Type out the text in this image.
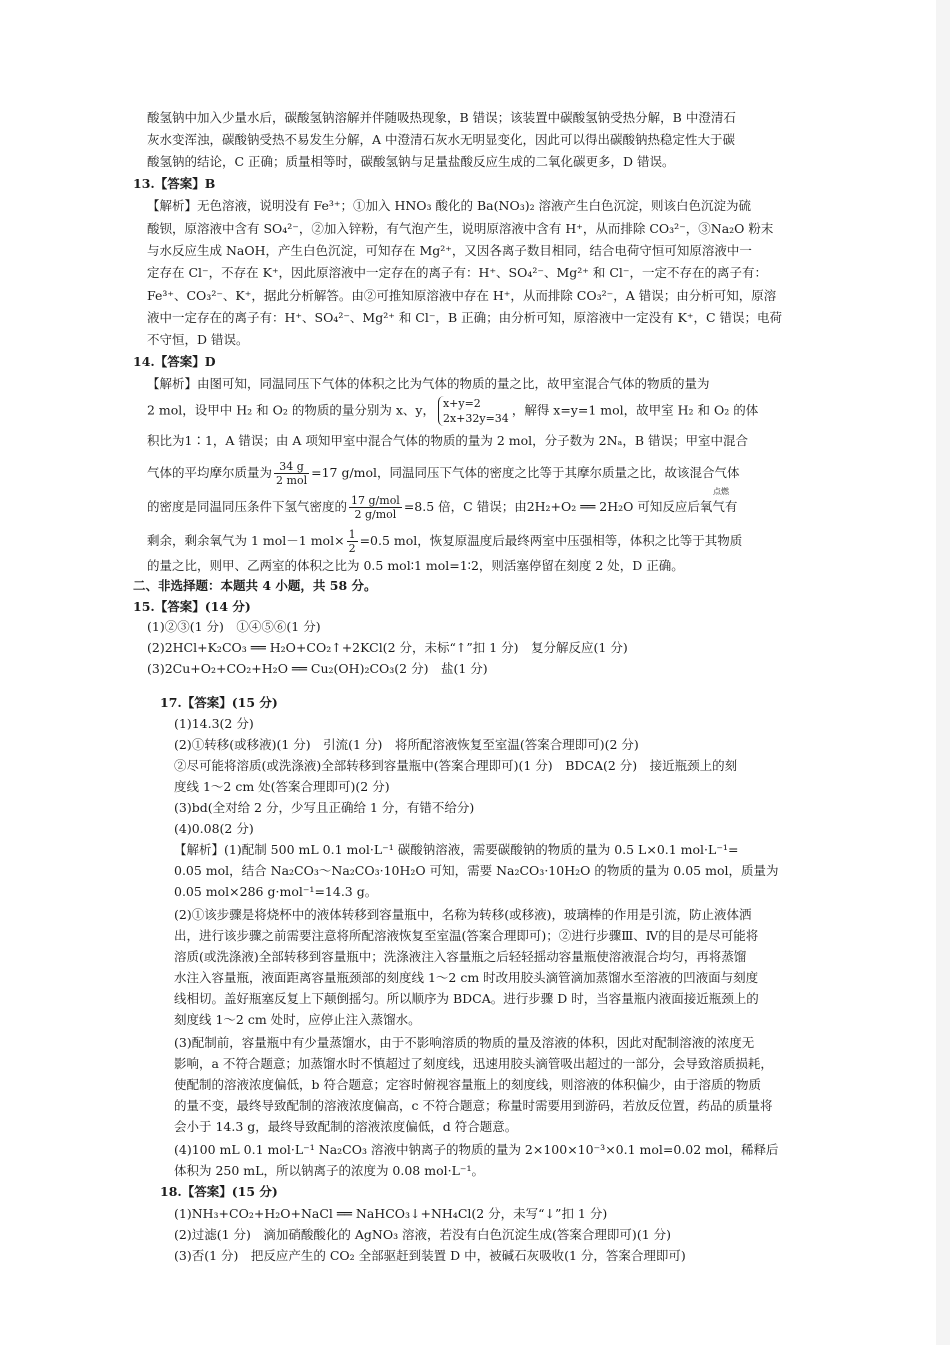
酸氢钠中加入少量水后，碳酸氢钠溶解并伴随吸热现象，B 错误；该装置中碳酸氢钠受热分解，B 中澄清石
灰水变浑浊，碳酸钠受热不易发生分解，A 中澄清石灰水无明显变化，因此可以得出碳酸钠热稳定性大于碳
酸氢钠的结论，C 正确；质量相等时，碳酸氢钠与足量盐酸反应生成的二氧化碳更多，D 错误。
13.【答案】B
【解析】无色溶液，说明没有 Fe³⁺；①加入 HNO₃ 酸化的 Ba(NO₃)₂ 溶液产生白色沉淀，则该白色沉淀为硫
酸钡，原溶液中含有 SO₄²⁻，②加入锌粉，有气泡产生，说明原溶液中含有 H⁺，从而排除 CO₃²⁻，③Na₂O 粉末
与水反应生成 NaOH，产生白色沉淀，可知存在 Mg²⁺，又因各离子数目相同，结合电荷守恒可知原溶液中一
定存在 Cl⁻，不存在 K⁺，因此原溶液中一定存在的离子有：H⁺、SO₄²⁻、Mg²⁺ 和 Cl⁻，一定不存在的离子有：
Fe³⁺、CO₃²⁻、K⁺，据此分析解答。由②可推知原溶液中存在 H⁺，从而排除 CO₃²⁻，A 错误；由分析可知，原溶
液中一定存在的离子有：H⁺、SO₄²⁻、Mg²⁺ 和 Cl⁻，B 正确；由分析可知，原溶液中一定没有 K⁺，C 错误；电荷
不守恒，D 错误。
14.【答案】D
【解析】由图可知，同温同压下气体的体积之比为气体的物质的量之比，故甲室混合气体的物质的量为
2 mol，设甲中 H₂ 和 O₂ 的物质的量分别为 x、y， x+y=2
2x+32y=34
，解得 x=y=1 mol，故甲室 H₂ 和 O₂ 的体
积比为1∶1，A 错误；由 A 项知甲室中混合气体的物质的量为 2 mol，分子数为 2Nₐ，B 错误；甲室中混合
气体的平均摩尔质量为 $\frac{34 g}{\text{2 mol}} =17$ g/mol，同温同压下气体的密度之比等于其摩尔质量之比，故该混合气体
的密度是同温同压条件下氢气密度的 $\frac{\text{17 g/mol}}{\text{2 g/mol}} =8.5$ 倍，C 错误；由2H₂+O₂ ══ 2H₂O 可知反应后氧气有
点燃
剩余，剩余氧气为 1 mol－1 $mol\times \frac{1}{2} =0.5$ mol，恢复原温度后最终两室中压强相等，体积之比等于其物质
的量之比，则甲、乙两室的体积之比为 0.5 mol∶1 mol=1∶2，则活塞停留在刻度 2 处，D 正确。
二、非选择题：本题共 4 小题，共 58 分。
15.【答案】(14 分)
(1)②③(1 分)　①④⑤⑥(1 分)
(2)2HCl+K₂CO₃ ══ H₂O+CO₂↑+2KCl(2 分，未标“↑”扣 1 分)　复分解反应(1 分)
(3)2Cu+O₂+CO₂+H₂O ══ Cu₂(OH)₂CO₃(2 分)　盐(1 分)
17.【答案】(15 分)
(1)14.3(2 分)
(2)①转移(或移液)(1 分)　引流(1 分)　将所配溶液恢复至室温(答案合理即可)(2 分)
②尽可能将溶质(或洗涤液)全部转移到容量瓶中(答案合理即可)(1 分)　BDCA(2 分)　接近瓶颈上的刻
度线 1～2 cm 处(答案合理即可)(2 分)
(3)bd(全对给 2 分，少写且正确给 1 分，有错不给分)
(4)0.08(2 分)
【解析】(1)配制 500 mL 0.1 mol·L⁻¹ 碳酸钠溶液，需要碳酸钠的物质的量为 0.5 L×0.1 mol·L⁻¹=
0.05 mol，结合 Na₂CO₃～Na₂CO₃·10H₂O 可知，需要 Na₂CO₃·10H₂O 的物质的量为 0.05 mol，质量为
0.05 mol×286 g·mol⁻¹=14.3 g。
(2)①该步骤是将烧杯中的液体转移到容量瓶中，名称为转移(或移液)，玻璃棒的作用是引流，防止液体洒
出，进行该步骤之前需要注意将所配溶液恢复至室温(答案合理即可)；②进行步骤Ⅲ、Ⅳ的目的是尽可能将
溶质(或洗涤液)全部转移到容量瓶中；洗涤液注入容量瓶之后轻轻摇动容量瓶使溶液混合均匀，再将蒸馏
水注入容量瓶，液面距离容量瓶颈部的刻度线 1～2 cm 时改用胶头滴管滴加蒸馏水至溶液的凹液面与刻度
线相切。盖好瓶塞反复上下颠倒摇匀。所以顺序为 BDCA。进行步骤 D 时，当容量瓶内液面接近瓶颈上的
刻度线 1～2 cm 处时，应停止注入蒸馏水。
(3)配制前，容量瓶中有少量蒸馏水，由于不影响溶质的物质的量及溶液的体积，因此对配制溶液的浓度无
影响，a 不符合题意；加蒸馏水时不慎超过了刻度线，迅速用胶头滴管吸出超过的一部分，会导致溶质损耗，
使配制的溶液浓度偏低，b 符合题意；定容时俯视容量瓶上的刻度线，则溶液的体积偏少，由于溶质的物质
的量不变，最终导致配制的溶液浓度偏高，c 不符合题意；称量时需要用到游码，若放反位置，药品的质量将
会小于 14.3 g，最终导致配制的溶液浓度偏低，d 符合题意。
(4)100 mL 0.1 mol·L⁻¹ Na₂CO₃ 溶液中钠离子的物质的量为 2×100×10⁻³×0.1 mol=0.02 mol，稀释后
体积为 250 mL，所以钠离子的浓度为 0.08 mol·L⁻¹。
18.【答案】(15 分)
(1)NH₃+CO₂+H₂O+NaCl ══ NaHCO₃↓+NH₄Cl(2 分，未写“↓”扣 1 分)
(2)过滤(1 分)　滴加硝酸酸化的 AgNO₃ 溶液，若没有白色沉淀生成(答案合理即可)(1 分)
(3)否(1 分)　把反应产生的 CO₂ 全部驱赶到装置 D 中，被碱石灰吸收(1 分，答案合理即可)
